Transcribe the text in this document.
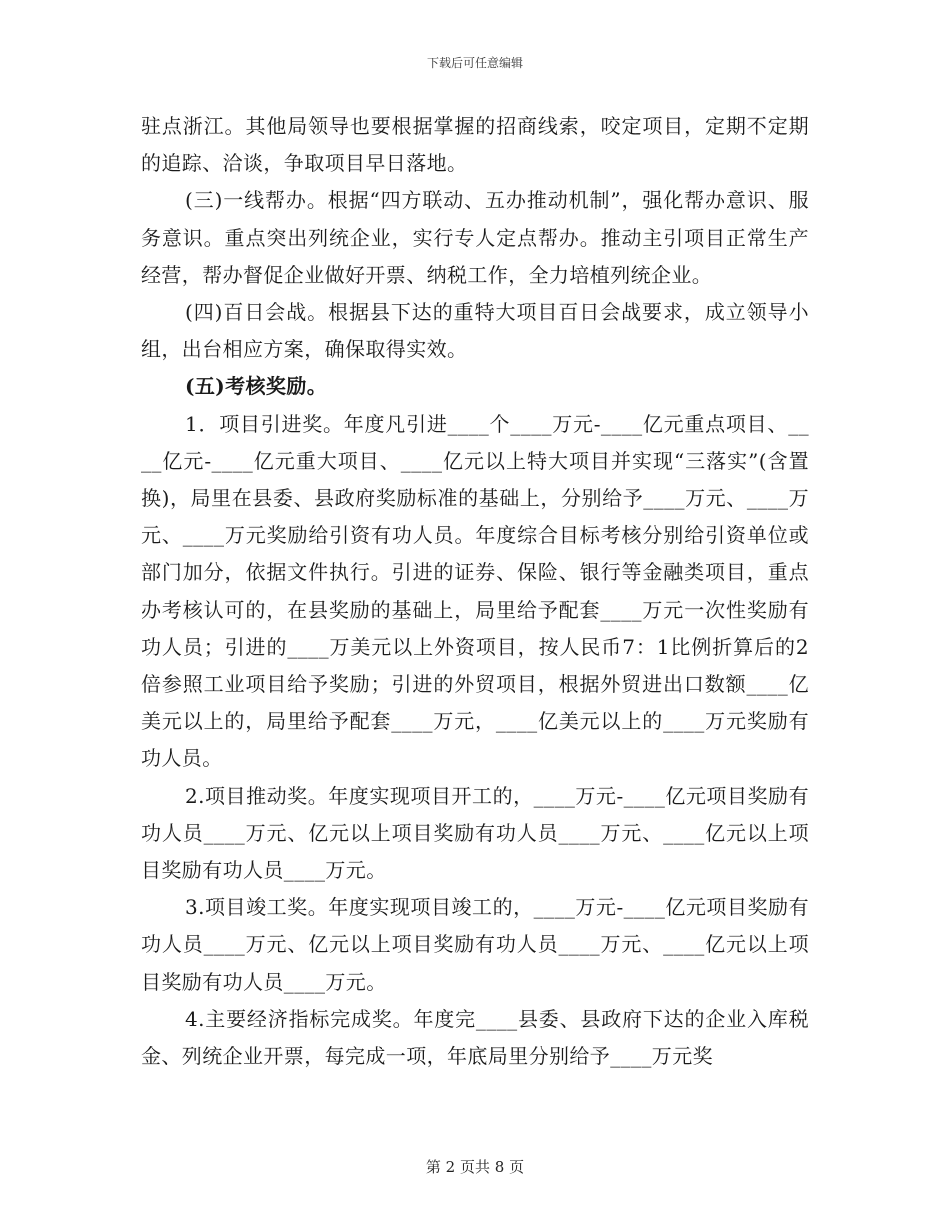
下载后可任意编辑

驻点浙江。其他局领导也要根据掌握的招商线索，咬定项目，定期不定期的追踪、洽谈，争取项目早日落地。

(三)一线帮办。根据“四方联动、五办推动机制”，强化帮办意识、服务意识。重点突出列统企业，实行专人定点帮办。推动主引项目正常生产经营，帮办督促企业做好开票、纳税工作，全力培植列统企业。

(四)百日会战。根据县下达的重特大项目百日会战要求，成立领导小组，出台相应方案，确保取得实效。

(五)考核奖励。

1．项目引进奖。年度凡引进____个____万元-____亿元重点项目、____亿元-____亿元重大项目、____亿元以上特大项目并实现“三落实”(含置换)，局里在县委、县政府奖励标准的基础上，分别给予____万元、____万元、____万元奖励给引资有功人员。年度综合目标考核分别给引资单位或部门加分，依据文件执行。引进的证券、保险、银行等金融类项目，重点办考核认可的，在县奖励的基础上，局里给予配套____万元一次性奖励有功人员；引进的____万美元以上外资项目，按人民币7：1比例折算后的2倍参照工业项目给予奖励；引进的外贸项目，根据外贸进出口数额____亿美元以上的，局里给予配套____万元，____亿美元以上的____万元奖励有功人员。

2.项目推动奖。年度实现项目开工的，____万元-____亿元项目奖励有功人员____万元、亿元以上项目奖励有功人员____万元、____亿元以上项目奖励有功人员____万元。

3.项目竣工奖。年度实现项目竣工的，____万元-____亿元项目奖励有功人员____万元、亿元以上项目奖励有功人员____万元、____亿元以上项目奖励有功人员____万元。

4.主要经济指标完成奖。年度完____县委、县政府下达的企业入库税金、列统企业开票，每完成一项，年底局里分别给予____万元奖

第 2 页共 8 页
